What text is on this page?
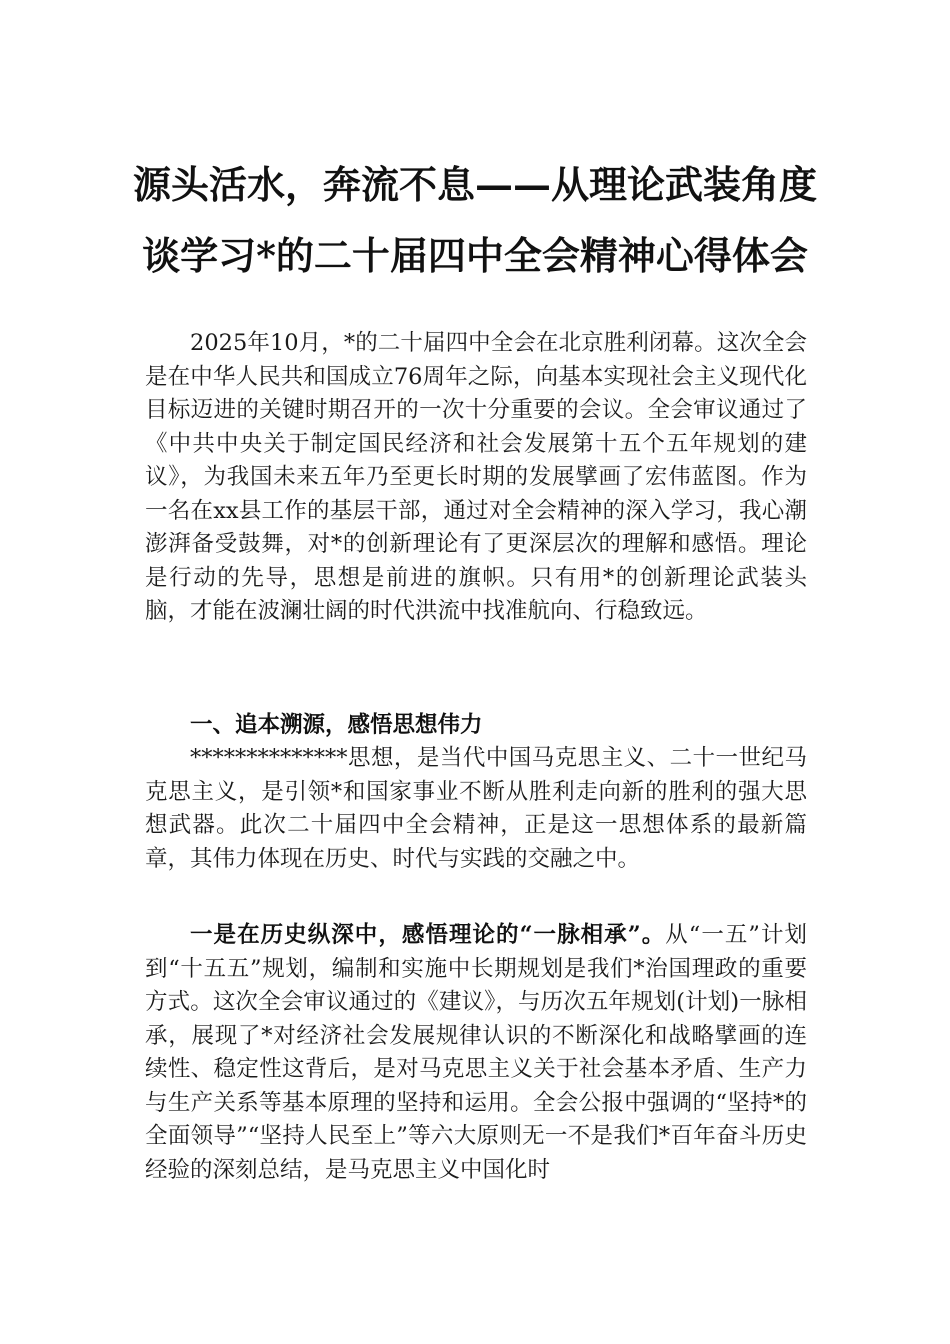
源头活水，奔流不息——从理论武装角度
谈学习*的二十届四中全会精神心得体会
2025年10月，*的二十届四中全会在北京胜利闭幕。这次全会是在中华人民共和国成立76周年之际，向基本实现社会主义现代化目标迈进的关键时期召开的一次十分重要的会议。全会审议通过了《中共中央关于制定国民经济和社会发展第十五个五年规划的建议》，为我国未来五年乃至更长时期的发展擘画了宏伟蓝图。作为一名在xx县工作的基层干部，通过对全会精神的深入学习，我心潮澎湃备受鼓舞，对*的创新理论有了更深层次的理解和感悟。理论是行动的先导，思想是前进的旗帜。只有用*的创新理论武装头脑，才能在波澜壮阔的时代洪流中找准航向、行稳致远。
一、追本溯源，感悟思想伟力
**************思想，是当代中国马克思主义、二十一世纪马克思主义，是引领*和国家事业不断从胜利走向新的胜利的强大思想武器。此次二十届四中全会精神，正是这一思想体系的最新篇章，其伟力体现在历史、时代与实践的交融之中。
一是在历史纵深中，感悟理论的“一脉相承”。从“一五”计划到“十五五”规划，编制和实施中长期规划是我们*治国理政的重要方式。这次全会审议通过的《建议》，与历次五年规划(计划)一脉相承，展现了*对经济社会发展规律认识的不断深化和战略擘画的连续性、稳定性这背后，是对马克思主义关于社会基本矛盾、生产力与生产关系等基本原理的坚持和运用。全会公报中强调的“坚持*的全面领导”“坚持人民至上”等六大原则无一不是我们*百年奋斗历史经验的深刻总结，是马克思主义中国化时
